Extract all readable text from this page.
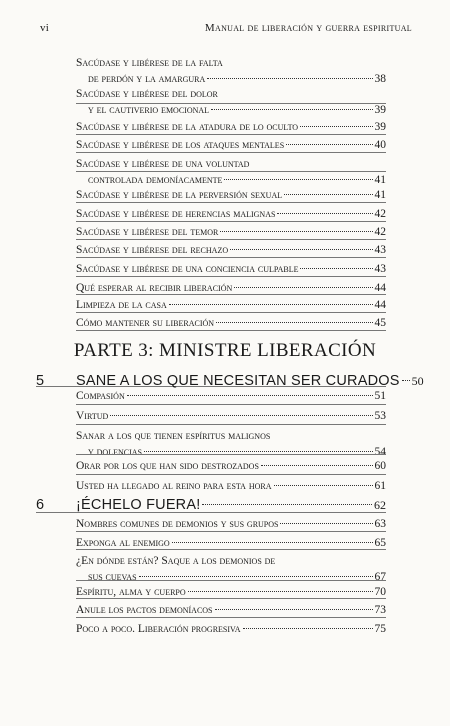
vi	Manual de liberación y guerra espiritual
Sacúdase y libérese de la falta
de perdón y la amargura	38
Sacúdase y libérese del dolor
y el cautiverio emocional	39
Sacúdase y libérese de la atadura de lo oculto	39
Sacúdase y libérese de los ataques mentales	40
Sacúdase y libérese de una voluntad
controlada demoníacamente	41
Sacúdase y libérese de la perversión sexual	41
Sacúdase y libérese de herencias malignas	42
Sacúdase y libérese del temor	42
Sacúdase y libérese del rechazo	43
Sacúdase y libérese de una conciencia culpable	43
Qué esperar al recibir liberación	44
Limpieza de la casa	44
Cómo mantener su liberación	45
Compasión	51
Virtud	53
Sanar a los que tienen espíritus malignos
y dolencias	54
Orar por los que han sido destrozados	60
Usted ha llegado al reino para esta hora	61
Nombres comunes de demonios y sus grupos	63
Exponga al enemigo	65
¿En dónde están? Saque a los demonios de
sus cuevas	67
Espíritu, alma y cuerpo	70
Anule los pactos demoníacos	73
Poco a poco. Liberación progresiva	75
PARTE 3: MINISTRE LIBERACIÓN
5	SANE A LOS QUE NECESITAN SER CURADOS 50
6	¡ÉCHELO FUERA!	62
